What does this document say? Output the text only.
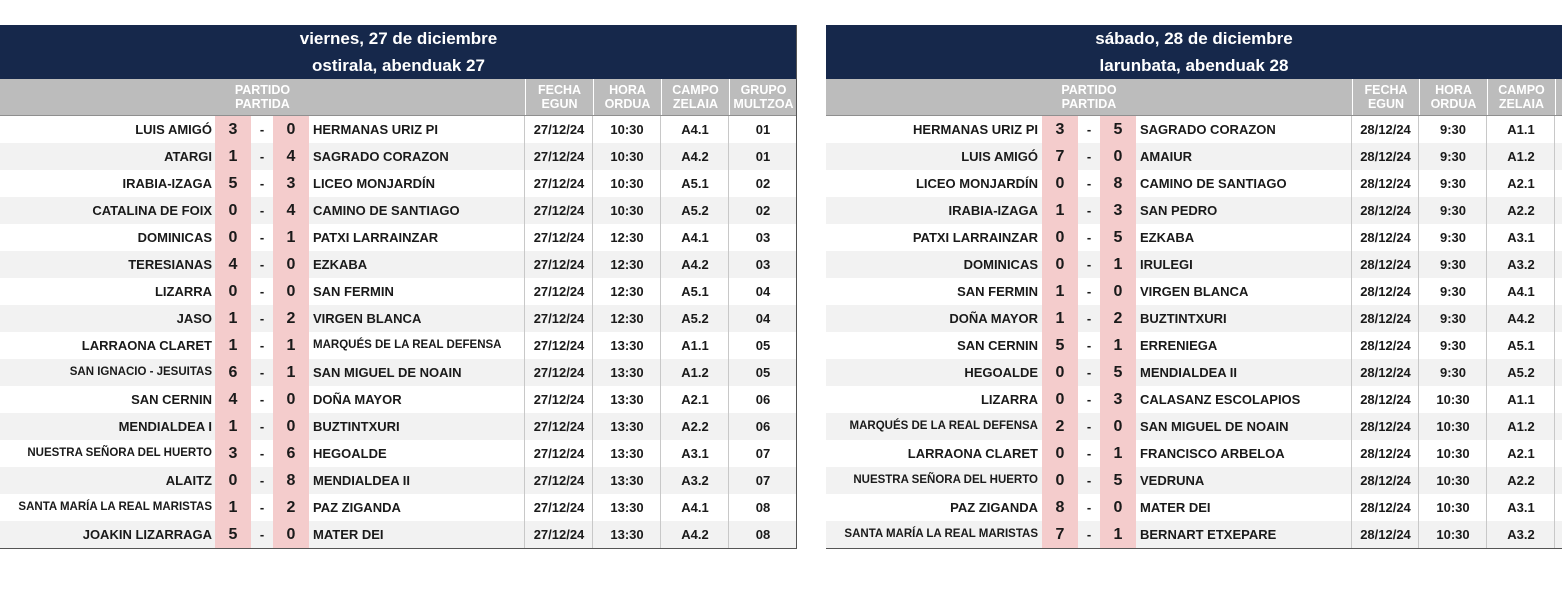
viernes, 27 de diciembre
ostirala, abenduak 27
PARTIDO
PARTIDA
FECHA
EGUN
HORA
ORDUA
CAMPO
ZELAIA
GRUPO
MULTZOA
LUIS AMIGÓ	3	-	0	HERMANAS URIZ PI	27/12/24	10:30	A4.1	01
ATARGI	1	-	4	SAGRADO CORAZON	27/12/24	10:30	A4.2	01
IRABIA-IZAGA	5	-	3	LICEO MONJARDÍN	27/12/24	10:30	A5.1	02
CATALINA DE FOIX	0	-	4	CAMINO DE SANTIAGO	27/12/24	10:30	A5.2	02
DOMINICAS	0	-	1	PATXI LARRAINZAR	27/12/24	12:30	A4.1	03
TERESIANAS	4	-	0	EZKABA	27/12/24	12:30	A4.2	03
LIZARRA	0	-	0	SAN FERMIN	27/12/24	12:30	A5.1	04
JASO	1	-	2	VIRGEN BLANCA	27/12/24	12:30	A5.2	04
LARRAONA CLARET	1	-	1	MARQUÉS DE LA REAL DEFENSA	27/12/24	13:30	A1.1	05
SAN IGNACIO - JESUITAS	6	-	1	SAN MIGUEL DE NOAIN	27/12/24	13:30	A1.2	05
SAN CERNIN	4	-	0	DOÑA MAYOR	27/12/24	13:30	A2.1	06
MENDIALDEA I	1	-	0	BUZTINTXURI	27/12/24	13:30	A2.2	06
NUESTRA SEÑORA DEL HUERTO	3	-	6	HEGOALDE	27/12/24	13:30	A3.1	07
ALAITZ	0	-	8	MENDIALDEA II	27/12/24	13:30	A3.2	07
SANTA MARÍA LA REAL MARISTAS	1	-	2	PAZ ZIGANDA	27/12/24	13:30	A4.1	08
JOAKIN LIZARRAGA	5	-	0	MATER DEI	27/12/24	13:30	A4.2	08
sábado, 28 de diciembre
larunbata, abenduak 28
PARTIDO
PARTIDA
FECHA
EGUN
HORA
ORDUA
CAMPO
ZELAIA
HERMANAS URIZ PI	3	-	5	SAGRADO CORAZON	28/12/24	9:30	A1.1
LUIS AMIGÓ	7	-	0	AMAIUR	28/12/24	9:30	A1.2
LICEO MONJARDÍN	0	-	8	CAMINO DE SANTIAGO	28/12/24	9:30	A2.1
IRABIA-IZAGA	1	-	3	SAN PEDRO	28/12/24	9:30	A2.2
PATXI LARRAINZAR	0	-	5	EZKABA	28/12/24	9:30	A3.1
DOMINICAS	0	-	1	IRULEGI	28/12/24	9:30	A3.2
SAN FERMIN	1	-	0	VIRGEN BLANCA	28/12/24	9:30	A4.1
DOÑA MAYOR	1	-	2	BUZTINTXURI	28/12/24	9:30	A4.2
SAN CERNIN	5	-	1	ERRENIEGA	28/12/24	9:30	A5.1
HEGOALDE	0	-	5	MENDIALDEA II	28/12/24	9:30	A5.2
LIZARRA	0	-	3	CALASANZ ESCOLAPIOS	28/12/24	10:30	A1.1
MARQUÉS DE LA REAL DEFENSA	2	-	0	SAN MIGUEL DE NOAIN	28/12/24	10:30	A1.2
LARRAONA CLARET	0	-	1	FRANCISCO ARBELOA	28/12/24	10:30	A2.1
NUESTRA SEÑORA DEL HUERTO	0	-	5	VEDRUNA	28/12/24	10:30	A2.2
PAZ ZIGANDA	8	-	0	MATER DEI	28/12/24	10:30	A3.1
SANTA MARÍA LA REAL MARISTAS	7	-	1	BERNART ETXEPARE	28/12/24	10:30	A3.2
